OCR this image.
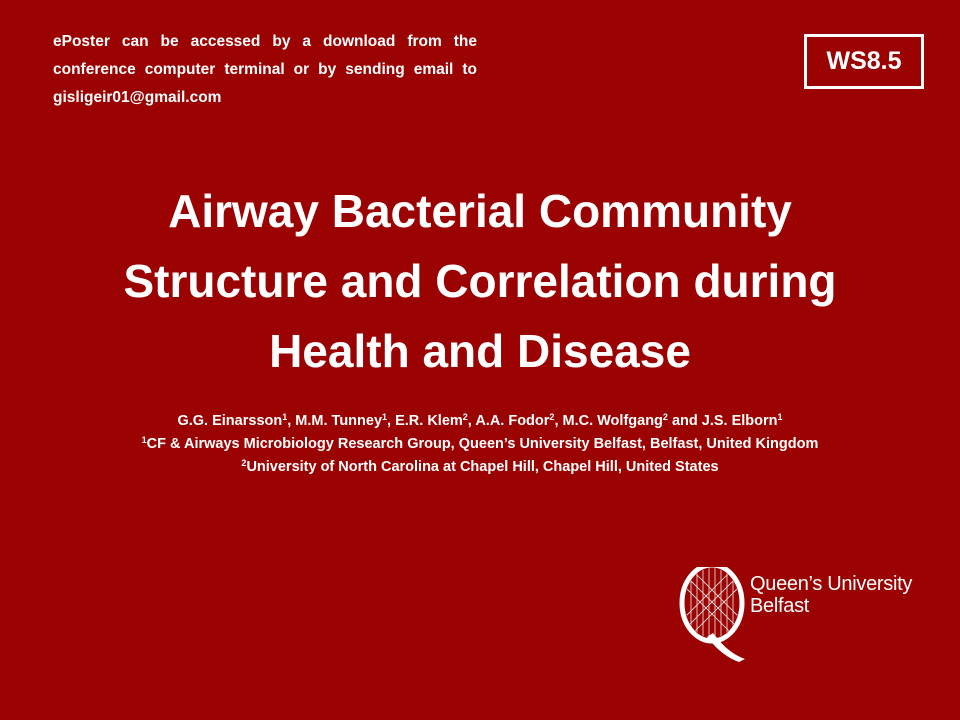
ePoster can be accessed by a download from the conference computer terminal or by sending email to gisligeir01@gmail.com
WS8.5
Airway Bacterial Community
Structure and Correlation during
Health and Disease
G.G. Einarsson$^1$, M.M. Tunney$^1$, E.R. Klem$^2$, A.A. Fodor$^2$, M.C. Wolfgang$^2$ and J.S. Elborn$^1$
$^1$CF & Airways Microbiology Research Group, Queen’s University Belfast, Belfast, United Kingdom
$^2$University of North Carolina at Chapel Hill, Chapel Hill, United States
Queen’s University
Belfast
